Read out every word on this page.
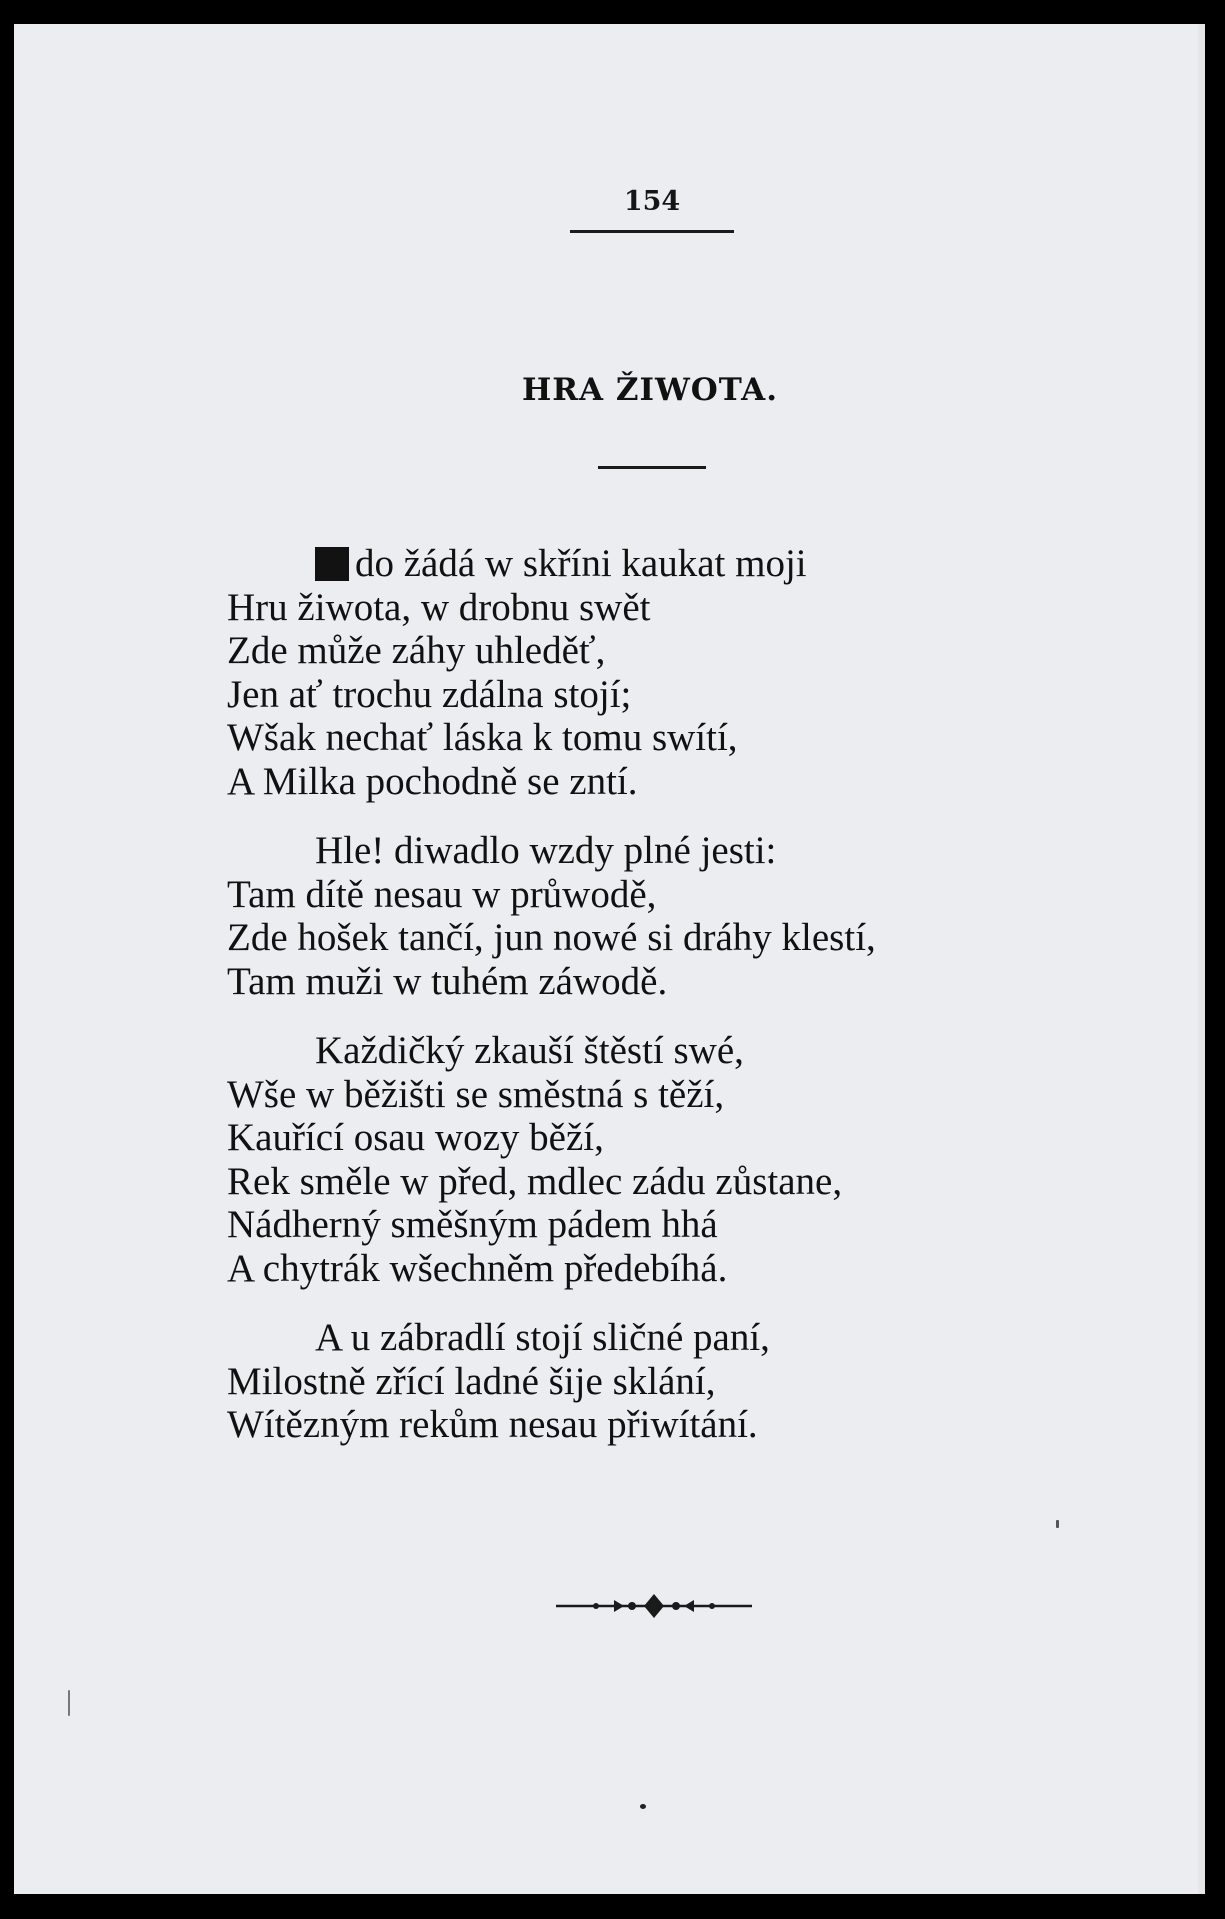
154
HRA ŽIWOTA.
K do žádá w skříni kaukat moji
Hru žiwota, w drobnu swět
Zde může záhy uhleděť,
Jen ať trochu zdálna stojí;
Wšak nechať láska k tomu swítí,
A Milka pochodně se zntí.
Hle! diwadlo wzdy plné jesti:
Tam dítě nesau w průwodě,
Zde hošek tančí, jun nowé si dráhy klestí,
Tam muži w tuhém záwodě.
Každičký zkauší štěstí swé,
Wše w běžišti se směstná s těží,
Kauřící osau wozy běží,
Rek směle w před, mdlec zádu zůstane,
Nádherný směšným pádem hhá
A chytrák wšechněm předebíhá.
A u zábradlí stojí sličné paní,
Milostně zřící ladné šije sklání,
Wítězným rekům nesau přiwítání.
